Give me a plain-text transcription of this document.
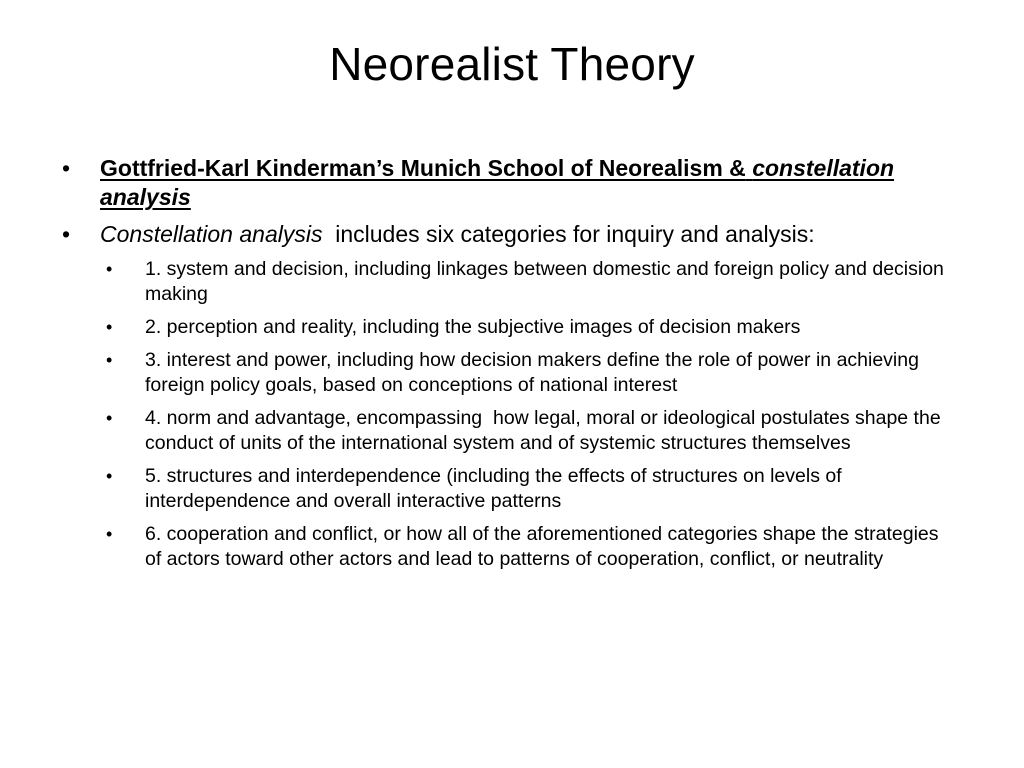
Neorealist Theory
•	Gottfried-Karl Kinderman’s Munich School of Neorealism & constellation analysis
•	Constellation analysis  includes six categories for inquiry and analysis:
•	1. system and decision, including linkages between domestic and foreign policy and decision making
•	2. perception and reality, including the subjective images of decision makers
•	3. interest and power, including how decision makers define the role of power in achieving foreign policy goals, based on conceptions of national interest
•	4. norm and advantage, encompassing  how legal, moral or ideological postulates shape the conduct of units of the international system and of systemic structures themselves
•	5. structures and interdependence (including the effects of structures on levels of interdependence and overall interactive patterns
•	6. cooperation and conflict, or how all of the aforementioned categories shape the strategies of actors toward other actors and lead to patterns of cooperation, conflict, or neutrality
